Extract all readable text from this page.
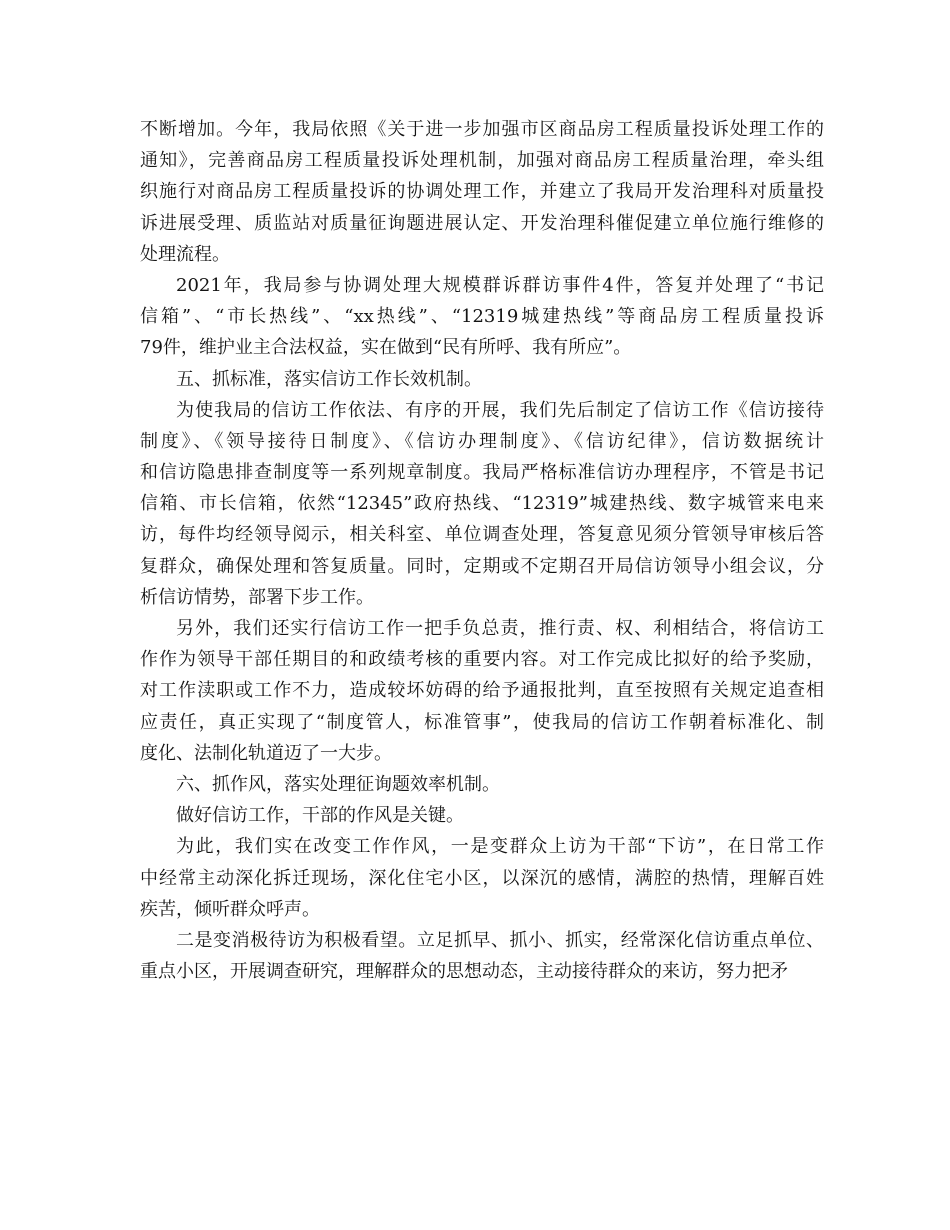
不断增加。今年，我局依照《关于进一步加强市区商品房工程质量投诉处理工作的
通知》，完善商品房工程质量投诉处理机制，加强对商品房工程质量治理，牵头组
织施行对商品房工程质量投诉的协调处理工作，并建立了我局开发治理科对质量投
诉进展受理、质监站对质量征询题进展认定、开发治理科催促建立单位施行维修的
处理流程。
2021年，我局参与协调处理大规模群诉群访事件4件，答复并处理了“书记
信箱”、“市长热线”、“xx热线”、“12319城建热线”等商品房工程质量投诉
79件，维护业主合法权益，实在做到“民有所呼、我有所应”。
五、抓标准，落实信访工作长效机制。
为使我局的信访工作依法、有序的开展，我们先后制定了信访工作《信访接待
制度》、《领导接待日制度》、《信访办理制度》、《信访纪律》，信访数据统计
和信访隐患排查制度等一系列规章制度。我局严格标准信访办理程序，不管是书记
信箱、市长信箱，依然“12345”政府热线、“12319”城建热线、数字城管来电来
访，每件均经领导阅示，相关科室、单位调查处理，答复意见须分管领导审核后答
复群众，确保处理和答复质量。同时，定期或不定期召开局信访领导小组会议，分
析信访情势，部署下步工作。
另外，我们还实行信访工作一把手负总责，推行责、权、利相结合，将信访工
作作为领导干部任期目的和政绩考核的重要内容。对工作完成比拟好的给予奖励，
对工作渎职或工作不力，造成较坏妨碍的给予通报批判，直至按照有关规定追查相
应责任，真正实现了“制度管人，标准管事”，使我局的信访工作朝着标准化、制
度化、法制化轨道迈了一大步。
六、抓作风，落实处理征询题效率机制。
做好信访工作，干部的作风是关键。
为此，我们实在改变工作作风，一是变群众上访为干部“下访”，在日常工作
中经常主动深化拆迁现场，深化住宅小区，以深沉的感情，满腔的热情，理解百姓
疾苦，倾听群众呼声。
二是变消极待访为积极看望。立足抓早、抓小、抓实，经常深化信访重点单位、
重点小区，开展调查研究，理解群众的思想动态，主动接待群众的来访，努力把矛
